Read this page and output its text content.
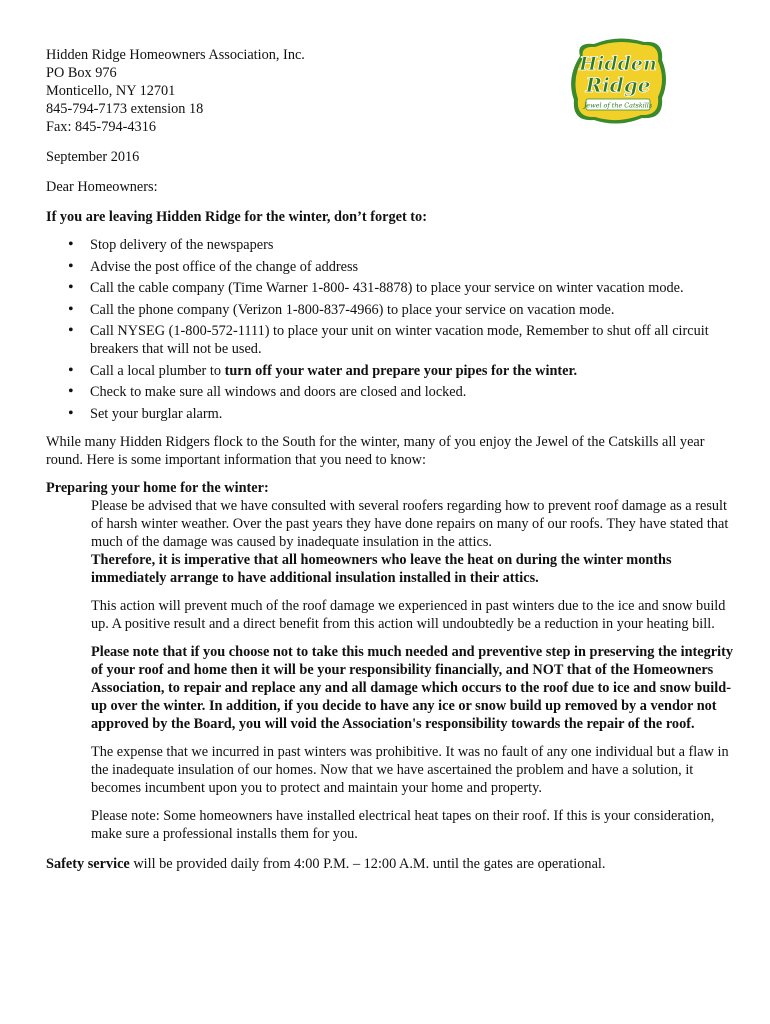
Hidden
Ridge
Jewel of the Catskills
Hidden Ridge Homeowners Association, Inc.
PO Box 976
Monticello, NY 12701
845-794-7173 extension 18
Fax: 845-794-4316
September 2016
Dear Homeowners:
If you are leaving Hidden Ridge for the winter, don’t forget to:
• Stop delivery of the newspapers
• Advise the post office of the change of address
• Call the cable company (Time Warner 1-800- 431-8878) to place your service on winter vacation mode.
• Call the phone company (Verizon 1-800-837-4966) to place your service on vacation mode.
• Call NYSEG (1-800-572-1111) to place your unit on winter vacation mode, Remember to shut off all circuit breakers that will not be used.
• Call a local plumber to turn off your water and prepare your pipes for the winter.
• Check to make sure all windows and doors are closed and locked.
• Set your burglar alarm.
While many Hidden Ridgers flock to the South for the winter, many of you enjoy the Jewel of the Catskills all year round. Here is some important information that you need to know:
Preparing your home for the winter:

Please be advised that we have consulted with several roofers regarding how to prevent roof damage as a result of harsh winter weather. Over the past years they have done repairs on many of our roofs. They have stated that much of the damage was caused by inadequate insulation in the attics.
Therefore, it is imperative that all homeowners who leave the heat on during the winter months immediately arrange to have additional insulation installed in their attics.

This action will prevent much of the roof damage we experienced in past winters due to the ice and snow build up. A positive result and a direct benefit from this action will undoubtedly be a reduction in your heating bill.

Please note that if you choose not to take this much needed and preventive step in preserving the integrity of your roof and home then it will be your responsibility financially, and NOT that of the Homeowners Association, to repair and replace any and all damage which occurs to the roof due to ice and snow build-up over the winter. In addition, if you decide to have any ice or snow build up removed by a vendor not approved by the Board, you will void the Association's responsibility towards the repair of the roof.

The expense that we incurred in past winters was prohibitive. It was no fault of any one individual but a flaw in the inadequate insulation of our homes. Now that we have ascertained the problem and have a solution, it becomes incumbent upon you to protect and maintain your home and property.

Please note: Some homeowners have installed electrical heat tapes on their roof. If this is your consideration, make sure a professional installs them for you.

Safety service will be provided daily from 4:00 P.M. – 12:00 A.M. until the gates are operational.
